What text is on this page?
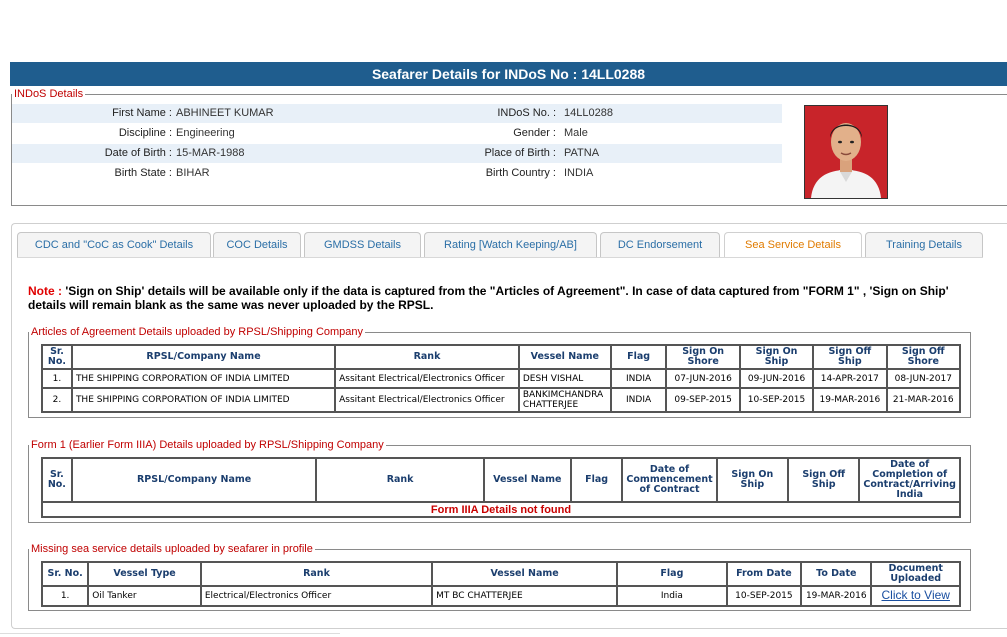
Seafarer Details for INDoS No : 14LL0288
INDoS Details
First Name : ABHINEET KUMAR	INDoS No. : 14LL0288
Discipline : Engineering	Gender : Male
Date of Birth : 15-MAR-1988	Place of Birth : PATNA
Birth State : BIHAR	Birth Country : INDIA
CDC and "CoC as Cook" Details	COC Details	GMDSS Details	Rating [Watch Keeping/AB]	DC Endorsement	Sea Service Details	Training Details
Note : 'Sign on Ship' details will be available only if the data is captured from the "Articles of Agreement". In case of data captured from "FORM 1" , 'Sign on Ship' details will remain blank as the same was never uploaded by the RPSL.
Articles of Agreement Details uploaded by RPSL/Shipping Company
Sr. No.	RPSL/Company Name	Rank	Vessel Name	Flag	Sign On Shore	Sign On Ship	Sign Off Ship	Sign Off Shore
1.	THE SHIPPING CORPORATION OF INDIA LIMITED	Assitant Electrical/Electronics Officer	DESH VISHAL	INDIA	07-JUN-2016	09-JUN-2016	14-APR-2017	08-JUN-2017
2.	THE SHIPPING CORPORATION OF INDIA LIMITED	Assitant Electrical/Electronics Officer	BANKIMCHANDRA CHATTERJEE	INDIA	09-SEP-2015	10-SEP-2015	19-MAR-2016	21-MAR-2016
Form 1 (Earlier Form IIIA) Details uploaded by RPSL/Shipping Company
Sr. No.	RPSL/Company Name	Rank	Vessel Name	Flag	Date of Commencement of Contract	Sign On Ship	Sign Off Ship	Date of Completion of Contract/Arriving India
Form IIIA Details not found
Missing sea service details uploaded by seafarer in profile
Sr. No.	Vessel Type	Rank	Vessel Name	Flag	From Date	To Date	Document Uploaded
1.	Oil Tanker	Electrical/Electronics Officer	MT BC CHATTERJEE	India	10-SEP-2015	19-MAR-2016	Click to View
